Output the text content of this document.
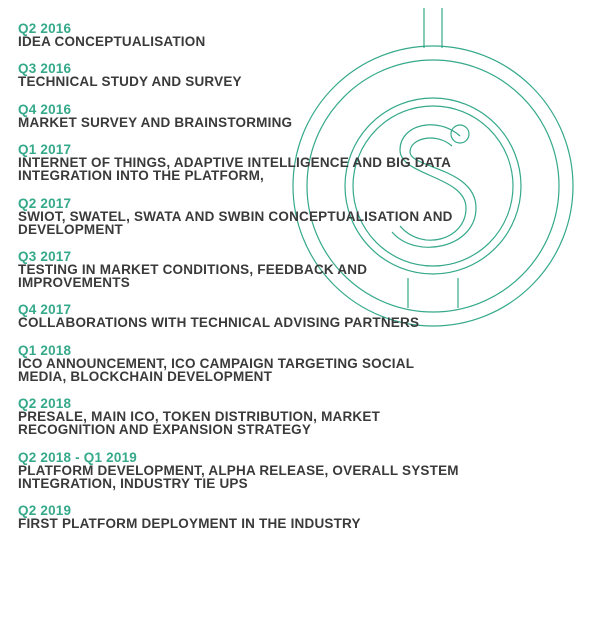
Q2 2016
IDEA CONCEPTUALISATION
Q3 2016
TECHNICAL STUDY AND SURVEY
Q4 2016
MARKET SURVEY AND BRAINSTORMING
Q1 2017
INTERNET OF THINGS, ADAPTIVE INTELLIGENCE AND BIG DATA
INTEGRATION INTO THE PLATFORM,
Q2 2017
SWIOT, SWATEL, SWATA AND SWBIN CONCEPTUALISATION AND
DEVELOPMENT
Q3 2017
TESTING IN MARKET CONDITIONS, FEEDBACK AND
IMPROVEMENTS
Q4 2017
COLLABORATIONS WITH TECHNICAL ADVISING PARTNERS
Q1 2018
ICO ANNOUNCEMENT, ICO CAMPAIGN TARGETING SOCIAL
MEDIA, BLOCKCHAIN DEVELOPMENT
Q2 2018
PRESALE, MAIN ICO, TOKEN DISTRIBUTION, MARKET
RECOGNITION AND EXPANSION STRATEGY
Q2 2018 - Q1 2019
PLATFORM DEVELOPMENT, ALPHA RELEASE, OVERALL SYSTEM
INTEGRATION, INDUSTRY TIE UPS
Q2 2019
FIRST PLATFORM DEPLOYMENT IN THE INDUSTRY
